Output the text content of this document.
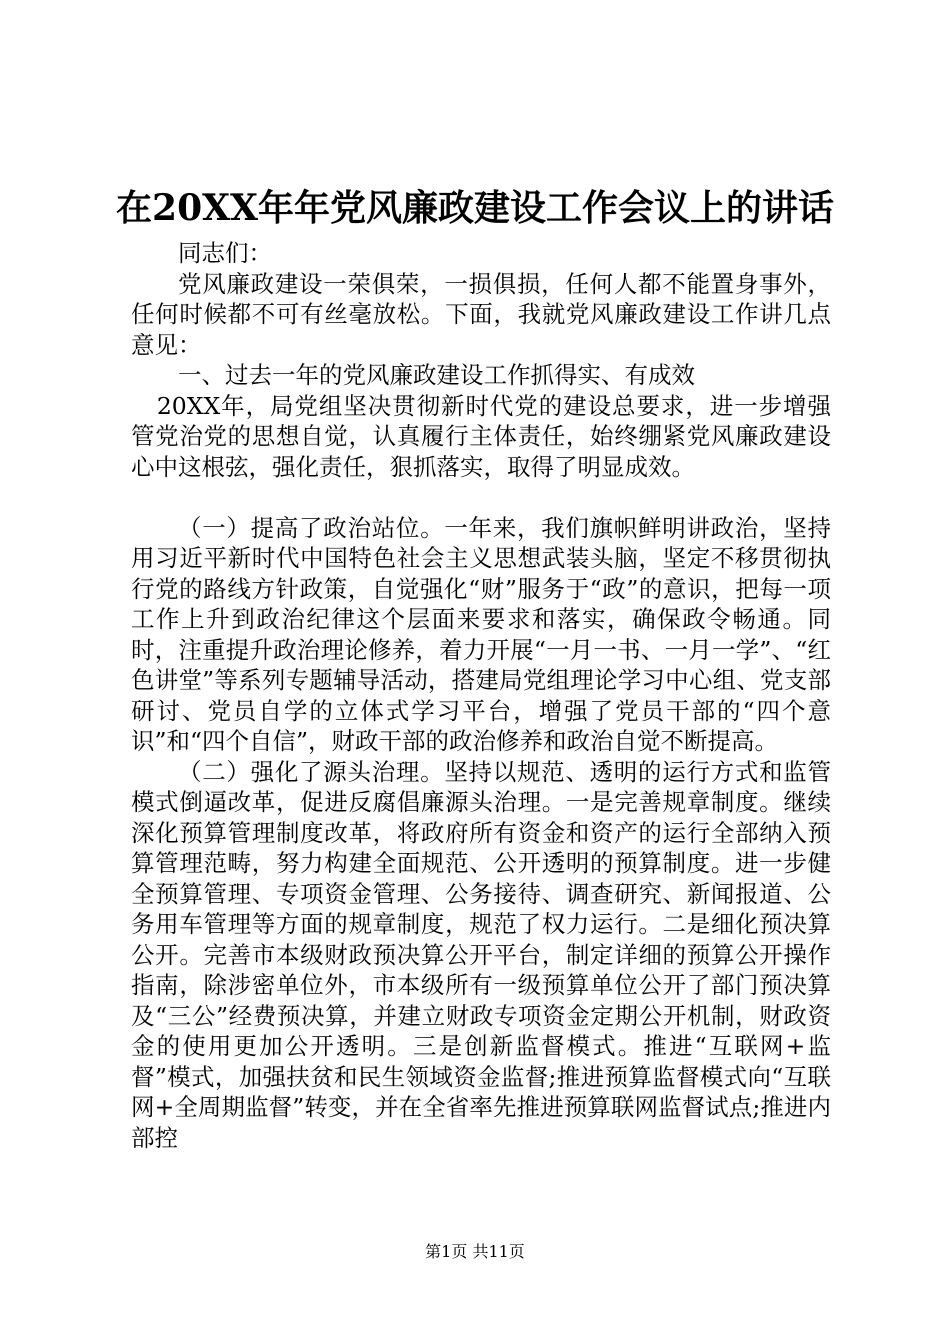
在20XX年年党风廉政建设工作会议上的讲话

同志们：

党风廉政建设一荣俱荣，一损俱损，任何人都不能置身事外，任何时候都不可有丝毫放松。下面，我就党风廉政建设工作讲几点意见：

一、过去一年的党风廉政建设工作抓得实、有成效

20XX年，局党组坚决贯彻新时代党的建设总要求，进一步增强管党治党的思想自觉，认真履行主体责任，始终绷紧党风廉政建设心中这根弦，强化责任，狠抓落实，取得了明显成效。

（一）提高了政治站位。一年来，我们旗帜鲜明讲政治，坚持用习近平新时代中国特色社会主义思想武装头脑，坚定不移贯彻执行党的路线方针政策，自觉强化“财”服务于“政”的意识，把每一项工作上升到政治纪律这个层面来要求和落实，确保政令畅通。同时，注重提升政治理论修养，着力开展“一月一书、一月一学”、“红色讲堂”等系列专题辅导活动，搭建局党组理论学习中心组、党支部研讨、党员自学的立体式学习平台，增强了党员干部的“四个意识”和“四个自信”，财政干部的政治修养和政治自觉不断提高。

（二）强化了源头治理。坚持以规范、透明的运行方式和监管模式倒逼改革，促进反腐倡廉源头治理。一是完善规章制度。继续深化预算管理制度改革，将政府所有资金和资产的运行全部纳入预算管理范畴，努力构建全面规范、公开透明的预算制度。进一步健全预算管理、专项资金管理、公务接待、调查研究、新闻报道、公务用车管理等方面的规章制度，规范了权力运行。二是细化预决算公开。完善市本级财政预决算公开平台，制定详细的预算公开操作指南，除涉密单位外，市本级所有一级预算单位公开了部门预决算及“三公”经费预决算，并建立财政专项资金定期公开机制，财政资金的使用更加公开透明。三是创新监督模式。推进“互联网+监督”模式，加强扶贫和民生领域资金监督;推进预算监督模式向“互联网+全周期监督”转变，并在全省率先推进预算联网监督试点;推进内部控

第1页 共11页
